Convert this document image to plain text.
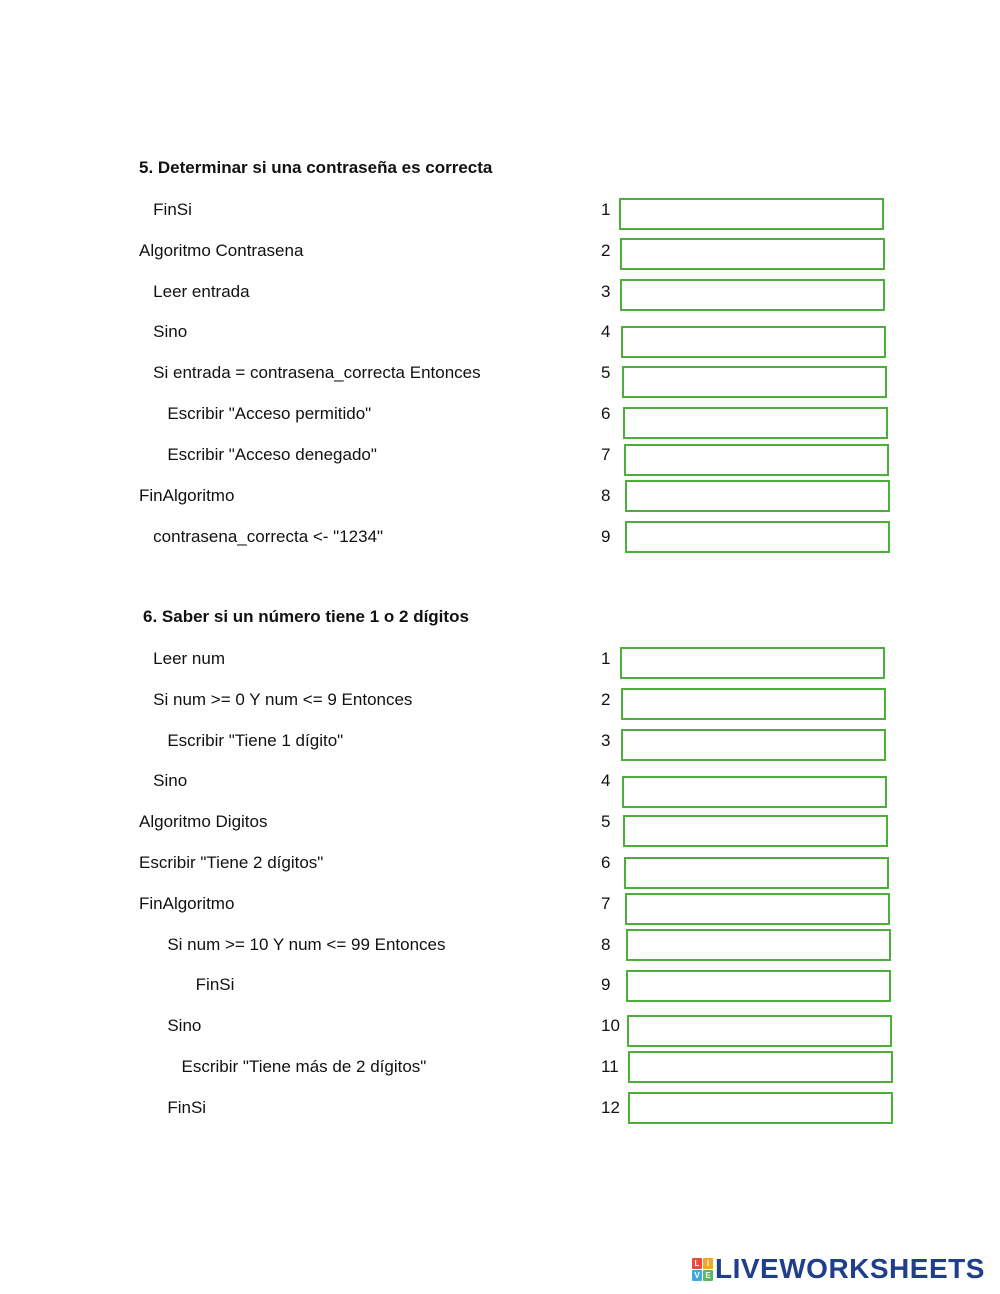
5. Determinar si una contraseña es correcta
FinSi
Algoritmo Contrasena
Leer entrada
Sino
Si entrada = contrasena_correcta Entonces
Escribir "Acceso permitido"
Escribir "Acceso denegado"
FinAlgoritmo
contrasena_correcta <- "1234"
1
2
3
4
5
6
7
8
9
6. Saber si un número tiene 1 o 2 dígitos
Leer num
Si num >= 0 Y num <= 9 Entonces
Escribir "Tiene 1 dígito"
Sino
Algoritmo Digitos
Escribir "Tiene 2 dígitos"
FinAlgoritmo
Si num >= 10 Y num <= 99 Entonces
FinSi
Sino
Escribir "Tiene más de 2 dígitos"
FinSi
1
2
3
4
5
6
7
8
9
10
11
12
L I
V E LIVEWORKSHEETS
